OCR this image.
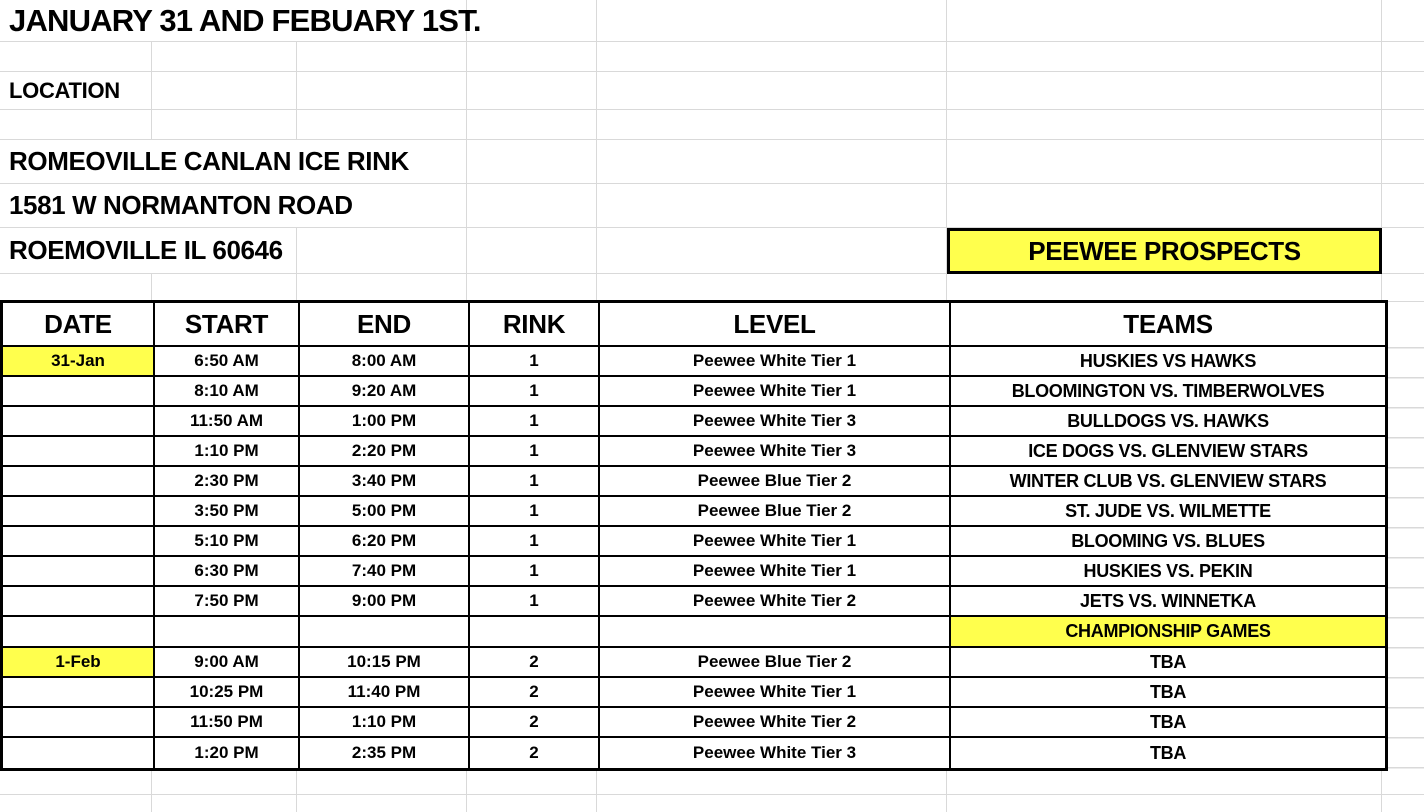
JANUARY 31 AND FEBUARY 1ST.
LOCATION
ROMEOVILLE CANLAN ICE RINK
1581 W NORMANTON ROAD
ROEMOVILLE IL 60646	PEEWEE PROSPECTS
DATE	START	END	RINK	LEVEL	TEAMS
31-Jan	6:50 AM	8:00 AM	1	Peewee White Tier 1	HUSKIES VS HAWKS
8:10 AM	9:20 AM	1	Peewee White Tier 1	BLOOMINGTON VS. TIMBERWOLVES
11:50 AM	1:00 PM	1	Peewee White Tier 3	BULLDOGS VS. HAWKS
1:10 PM	2:20 PM	1	Peewee White Tier 3	ICE DOGS VS. GLENVIEW STARS
2:30 PM	3:40 PM	1	Peewee Blue Tier 2	WINTER CLUB VS. GLENVIEW STARS
3:50 PM	5:00 PM	1	Peewee Blue Tier 2	ST. JUDE VS. WILMETTE
5:10 PM	6:20 PM	1	Peewee White Tier 1	BLOOMING VS. BLUES
6:30 PM	7:40 PM	1	Peewee White Tier 1	HUSKIES VS. PEKIN
7:50 PM	9:00 PM	1	Peewee White Tier 2	JETS VS. WINNETKA
CHAMPIONSHIP GAMES
1-Feb	9:00 AM	10:15 PM	2	Peewee Blue Tier 2	TBA
10:25 PM	11:40 PM	2	Peewee White Tier 1	TBA
11:50 PM	1:10 PM	2	Peewee White Tier 2	TBA
1:20 PM	2:35 PM	2	Peewee White Tier 3	TBA
